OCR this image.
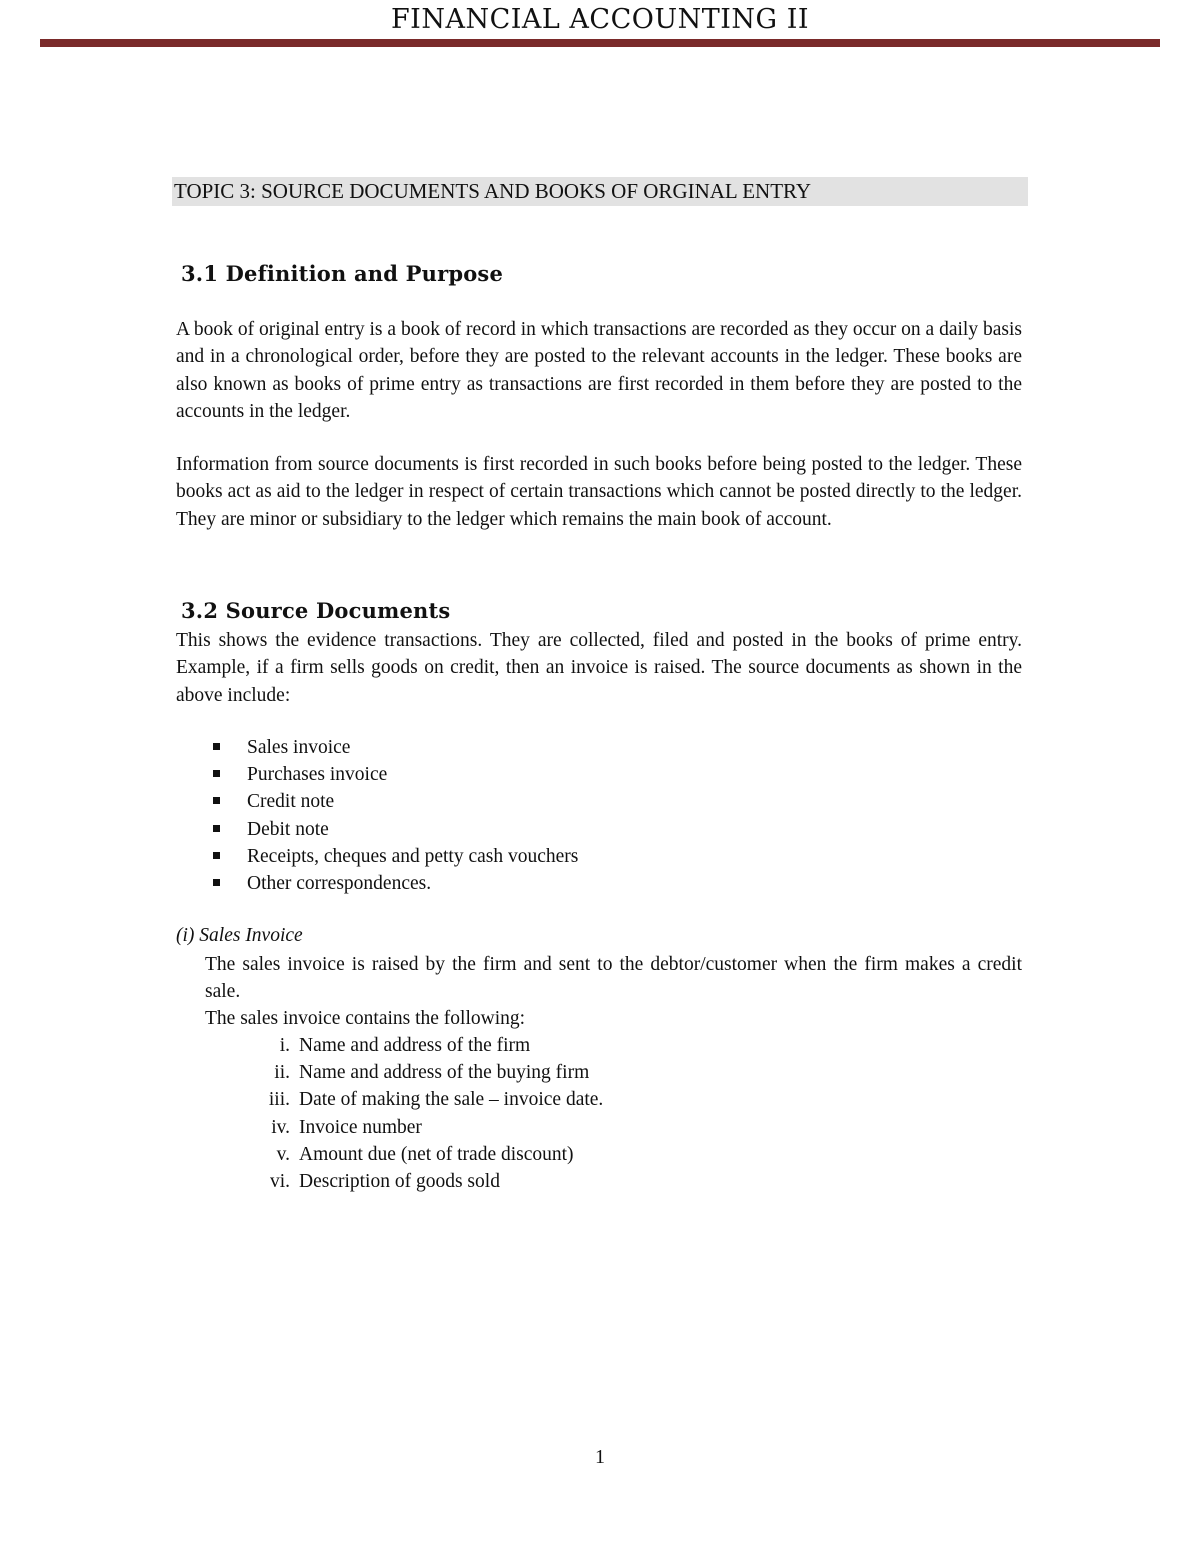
FINANCIAL ACCOUNTING II
TOPIC 3: SOURCE DOCUMENTS AND BOOKS OF ORGINAL ENTRY
3.1 Definition and Purpose

A book of original entry is a book of record in which transactions are recorded as they occur on a daily basis and in a chronological order, before they are posted to the relevant accounts in the ledger. These books are also known as books of prime entry as transactions are first recorded in them before they are posted to the accounts in the ledger.

Information from source documents is first recorded in such books before being posted to the ledger. These books act as aid to the ledger in respect of certain transactions which cannot be posted directly to the ledger. They are minor or subsidiary to the ledger which remains the main book of account.

3.2 Source Documents

This shows the evidence transactions. They are collected, filed and posted in the books of prime entry. Example, if a firm sells goods on credit, then an invoice is raised. The source documents as shown in the above include:

Sales invoice
Purchases invoice
Credit note
Debit note
Receipts, cheques and petty cash vouchers
Other correspondences.
(i) Sales Invoice

The sales invoice is raised by the firm and sent to the debtor/customer when the firm makes a credit sale.

The sales invoice contains the following:

i. Name and address of the firm
ii. Name and address of the buying firm
iii. Date of making the sale – invoice date.
iv. Invoice number
v. Amount due (net of trade discount)
vi. Description of goods sold
1
